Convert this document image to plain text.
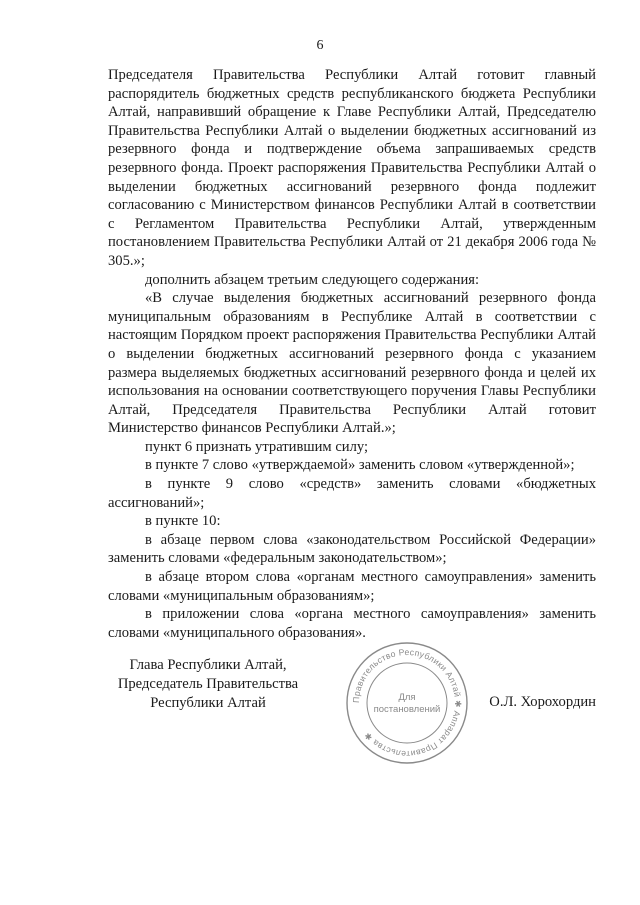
6

Председателя Правительства Республики Алтай готовит главный распорядитель бюджетных средств республиканского бюджета Республики Алтай, направивший обращение к Главе Республики Алтай, Председателю Правительства Республики Алтай о выделении бюджетных ассигнований из резервного фонда и подтверждение объема запрашиваемых средств резервного фонда. Проект распоряжения Правительства Республики Алтай о выделении бюджетных ассигнований резервного фонда подлежит согласованию с Министерством финансов Республики Алтай в соответствии с Регламентом Правительства Республики Алтай, утвержденным постановлением Правительства Республики Алтай от 21 декабря 2006 года № 305.»;

дополнить абзацем третьим следующего содержания:

«В случае выделения бюджетных ассигнований резервного фонда муниципальным образованиям в Республике Алтай в соответствии с настоящим Порядком проект распоряжения Правительства Республики Алтай о выделении бюджетных ассигнований резервного фонда с указанием размера выделяемых бюджетных ассигнований резервного фонда и целей их использования на основании соответствующего поручения Главы Республики Алтай, Председателя Правительства Республики Алтай готовит Министерство финансов Республики Алтай.»;

пункт 6 признать утратившим силу;

в пункте 7 слово «утверждаемой» заменить словом «утвержденной»;

в пункте 9 слово «средств» заменить словами «бюджетных ассигнований»;

в пункте 10:

в абзаце первом слова «законодательством Российской Федерации» заменить словами «федеральным законодательством»;

в абзаце втором слова «органам местного самоуправления» заменить словами «муниципальным образованиям»;

в приложении слова «органа местного самоуправления» заменить словами «муниципального образования».

Глава Республики Алтай,
Председатель Правительства
Республики Алтай	Правительство Республики Алтай ✱ Аппарат Правительства ✱
Для
постановлений	О.Л. Хорохордин
